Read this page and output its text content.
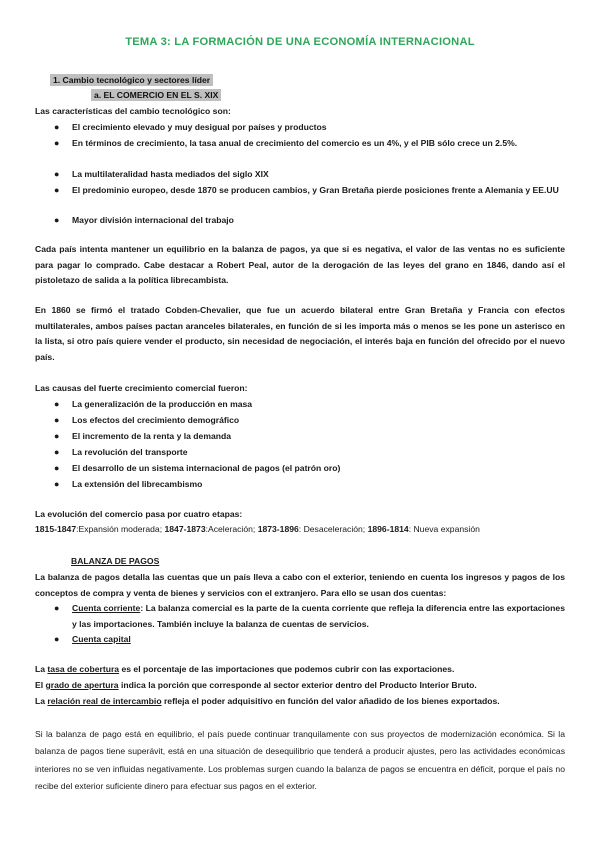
TEMA 3: LA FORMACIÓN DE UNA ECONOMÍA INTERNACIONAL
1. Cambio tecnológico y sectores líder
a. EL COMERCIO EN EL S. XIX
Las características del cambio tecnológico son:
● El crecimiento elevado y muy desigual por países y productos
● En términos de crecimiento, la tasa anual de crecimiento del comercio es un 4%, y el PIB sólo crece un 2.5%.
● La multilateralidad hasta mediados del siglo XIX
● El predominio europeo, desde 1870 se producen cambios, y Gran Bretaña pierde posiciones frente a Alemania y EE.UU
● Mayor división internacional del trabajo
Cada país intenta mantener un equilibrio en la balanza de pagos, ya que si es negativa, el valor de las ventas no es suficiente para pagar lo comprado. Cabe destacar a Robert Peal, autor de la derogación de las leyes del grano en 1846, dando así el pistoletazo de salida a la política librecambista.
En 1860 se firmó el tratado Cobden-Chevalier, que fue un acuerdo bilateral entre Gran Bretaña y Francia con efectos multilaterales, ambos países pactan aranceles bilaterales, en función de si les importa más o menos se les pone un asterisco en la lista, si otro país quiere vender el producto, sin necesidad de negociación, el interés baja en función del ofrecido por el nuevo país.
Las causas del fuerte crecimiento comercial fueron:
● La generalización de la producción en masa
● Los efectos del crecimiento demográfico
● El incremento de la renta y la demanda
● La revolución del transporte
● El desarrollo de un sistema internacional de pagos (el patrón oro)
● La extensión del librecambismo
La evolución del comercio pasa por cuatro etapas:
1815-1847:Expansión moderada; 1847-1873:Aceleración; 1873-1896: Desaceleración; 1896-1814: Nueva expansión
BALANZA DE PAGOS
La balanza de pagos detalla las cuentas que un país lleva a cabo con el exterior, teniendo en cuenta los ingresos y pagos de los conceptos de compra y venta de bienes y servicios con el extranjero. Para ello se usan dos cuentas:
● Cuenta corriente: La balanza comercial es la parte de la cuenta corriente que refleja la diferencia entre las exportaciones y las importaciones. También incluye la balanza de cuentas de servicios.
● Cuenta capital
La tasa de cobertura es el porcentaje de las importaciones que podemos cubrir con las exportaciones.
El grado de apertura indica la porción que corresponde al sector exterior dentro del Producto Interior Bruto.
La relación real de intercambio refleja el poder adquisitivo en función del valor añadido de los bienes exportados.
Si la balanza de pago está en equilibrio, el país puede continuar tranquilamente con sus proyectos de modernización económica. Si la balanza de pagos tiene superávit, está en una situación de desequilibrio que tenderá a producir ajustes, pero las actividades económicas interiores no se ven influidas negativamente. Los problemas surgen cuando la balanza de pagos se encuentra en déficit, porque el país no recibe del exterior suficiente dinero para efectuar sus pagos en el exterior.
